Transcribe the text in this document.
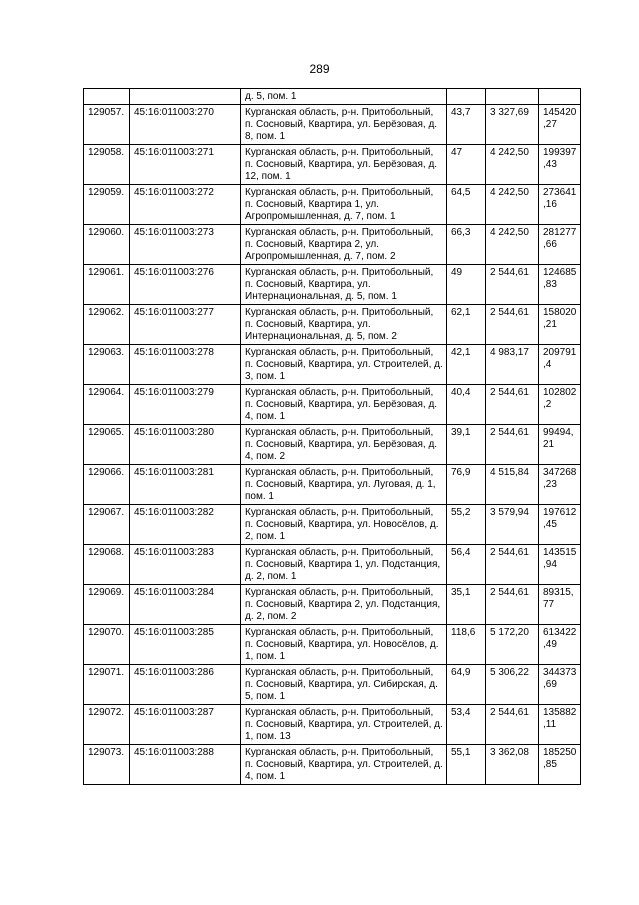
289
		д. 5, пом. 1			
129057.	45:16:011003:270	Курганская область, р-н. Притобольный, п. Сосновый, Квартира, ул. Берёзовая, д. 8, пом. 1	43,7	3 327,69	145420,27
129058.	45:16:011003:271	Курганская область, р-н. Притобольный, п. Сосновый, Квартира, ул. Берёзовая, д. 12, пом. 1	47	4 242,50	199397,43
129059.	45:16:011003:272	Курганская область, р-н. Притобольный, п. Сосновый, Квартира 1, ул. Агропромышленная, д. 7, пом. 1	64,5	4 242,50	273641,16
129060.	45:16:011003:273	Курганская область, р-н. Притобольный, п. Сосновый, Квартира 2, ул. Агропромышленная, д. 7, пом. 2	66,3	4 242,50	281277,66
129061.	45:16:011003:276	Курганская область, р-н. Притобольный, п. Сосновый, Квартира, ул. Интернациональная, д. 5, пом. 1	49	2 544,61	124685,83
129062.	45:16:011003:277	Курганская область, р-н. Притобольный, п. Сосновый, Квартира, ул. Интернациональная, д. 5, пом. 2	62,1	2 544,61	158020,21
129063.	45:16:011003:278	Курганская область, р-н. Притобольный, п. Сосновый, Квартира, ул. Строителей, д. 3, пом. 1	42,1	4 983,17	209791,4
129064.	45:16:011003:279	Курганская область, р-н. Притобольный, п. Сосновый, Квартира, ул. Берёзовая, д. 4, пом. 1	40,4	2 544,61	102802,2
129065.	45:16:011003:280	Курганская область, р-н. Притобольный, п. Сосновый, Квартира, ул. Берёзовая, д. 4, пом. 2	39,1	2 544,61	99494,21
129066.	45:16:011003:281	Курганская область, р-н. Притобольный, п. Сосновый, Квартира, ул. Луговая, д. 1, пом. 1	76,9	4 515,84	347268,23
129067.	45:16:011003:282	Курганская область, р-н. Притобольный, п. Сосновый, Квартира, ул. Новосёлов, д. 2, пом. 1	55,2	3 579,94	197612,45
129068.	45:16:011003:283	Курганская область, р-н. Притобольный, п. Сосновый, Квартира 1, ул. Подстанция, д. 2, пом. 1	56,4	2 544,61	143515,94
129069.	45:16:011003:284	Курганская область, р-н. Притобольный, п. Сосновый, Квартира 2, ул. Подстанция, д. 2, пом. 2	35,1	2 544,61	89315,77
129070.	45:16:011003:285	Курганская область, р-н. Притобольный, п. Сосновый, Квартира, ул. Новосёлов, д. 1, пом. 1	118,6	5 172,20	613422,49
129071.	45:16:011003:286	Курганская область, р-н. Притобольный, п. Сосновый, Квартира, ул. Сибирская, д. 5, пом. 1	64,9	5 306,22	344373,69
129072.	45:16:011003:287	Курганская область, р-н. Притобольный, п. Сосновый, Квартира, ул. Строителей, д. 1, пом. 13	53,4	2 544,61	135882,11
129073.	45:16:011003:288	Курганская область, р-н. Притобольный, п. Сосновый, Квартира, ул. Строителей, д. 4, пом. 1	55,1	3 362,08	185250,85
